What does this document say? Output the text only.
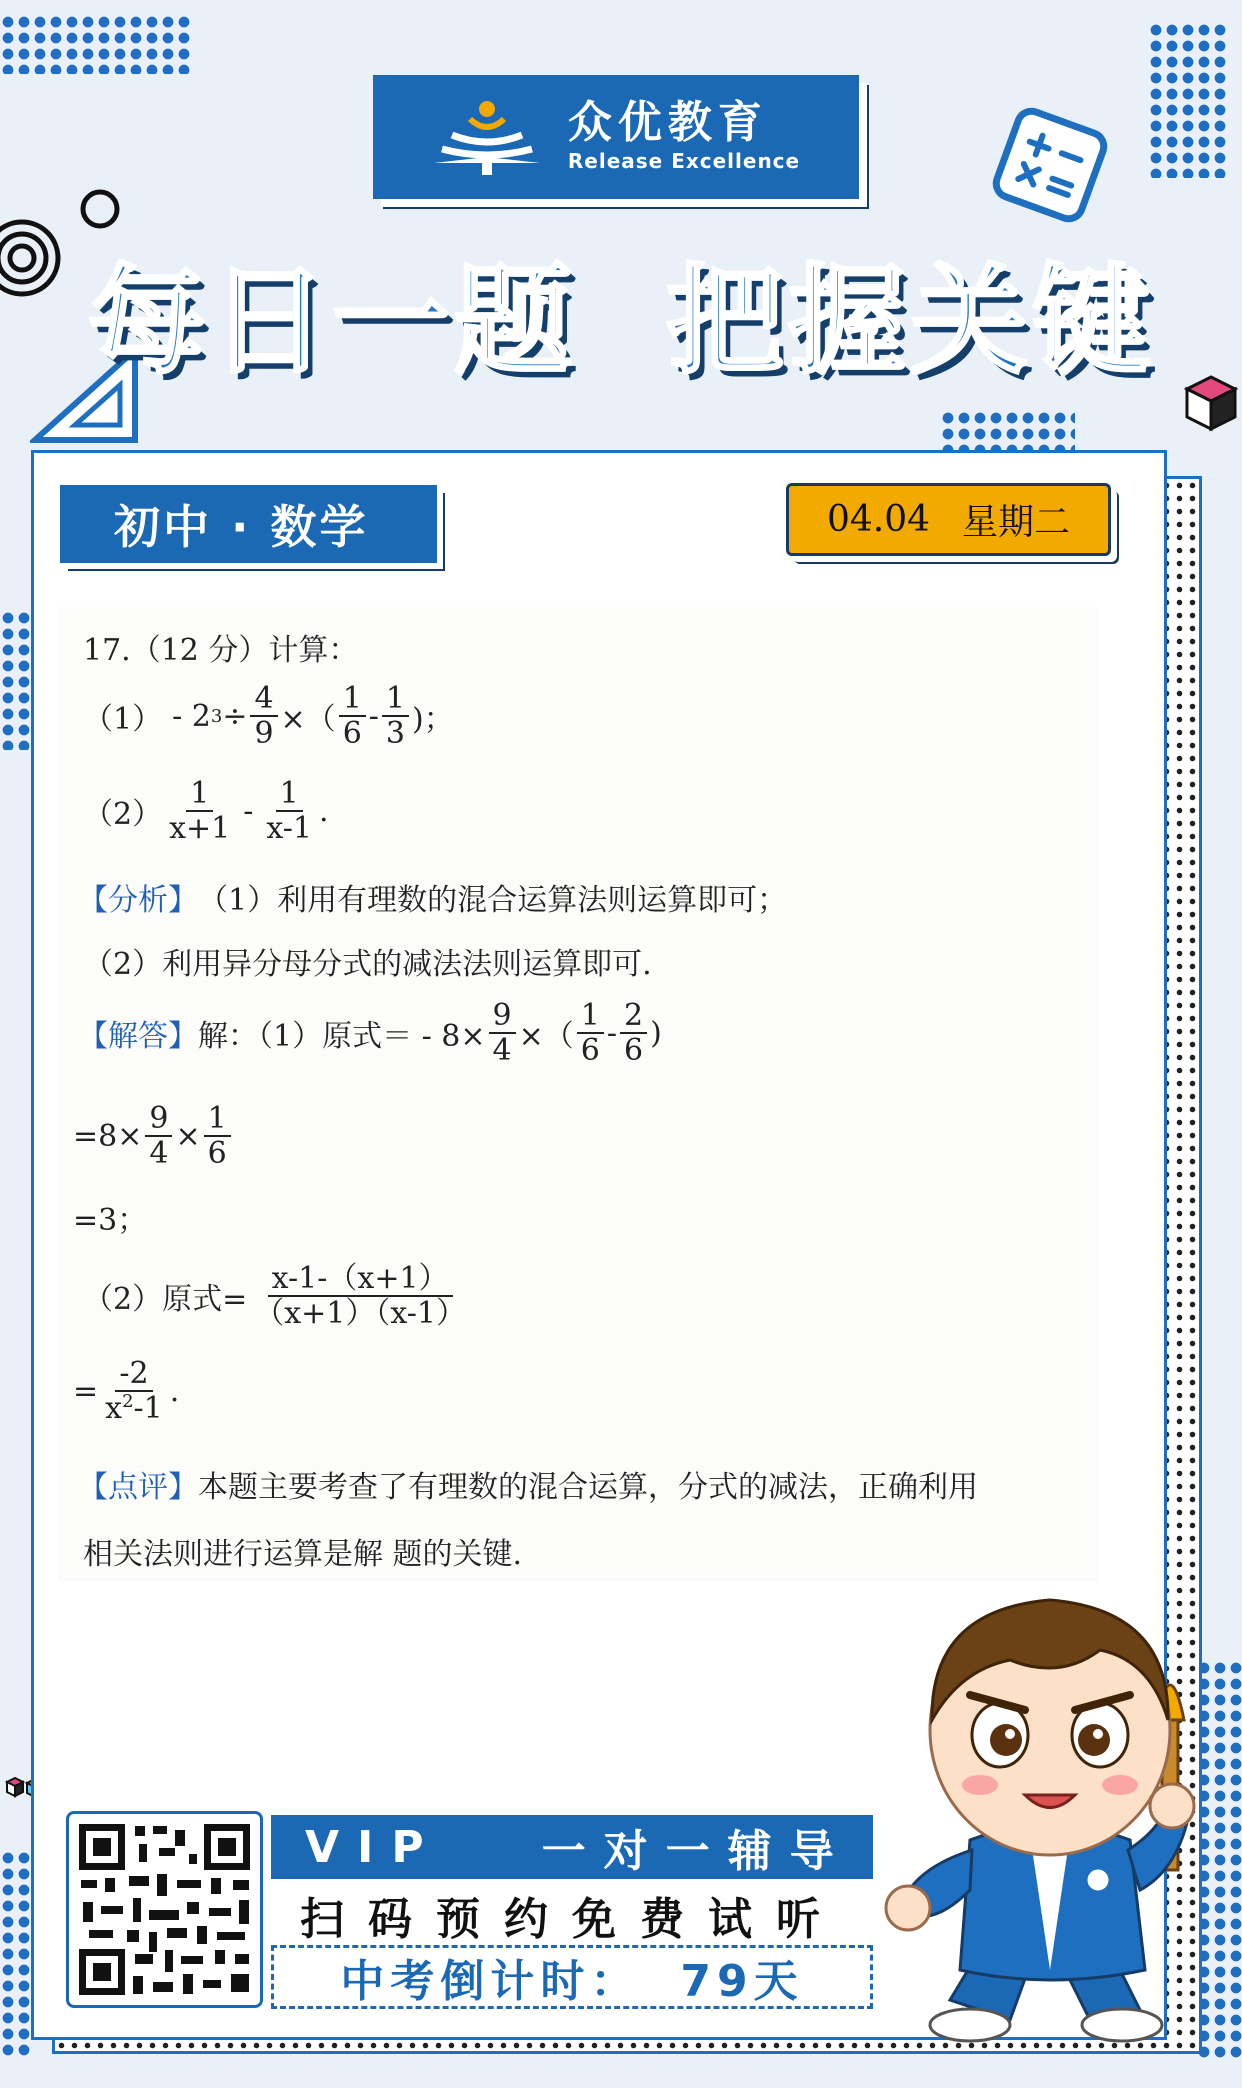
众优教育
Release Excellence
每日一题  把握关键
初中 · 数学	04.04 星期二
17.（12 分）计算：
（1） - 2 $3 \div \frac{4}{9}$ ×（ $\frac{1}{6} - \frac{1}{3}$ )；
$(2) \frac{1}{x+1} - \frac{1}{x-1}$ .
【分析】 （1）利用有理数的混合运算法则运算即可；
（2）利用异分母分式的减法法则运算即可.
【解答】 解：（1）原式＝ - $8\times \frac{9}{4}$ ×（ $\frac{1}{6} - \frac{2}{6}$ )
$=8\times \frac{9}{4} \times \frac{1}{6}$
=3；
（2）原式= $\frac{x-1-(x+1)}{(x+1)(x-1)}$
= $\frac{-2}{x^2-1}$ .
【点评】 本题主要考查了有理数的混合运算，分式的减法，正确利用
相关法则进行运算是解 题的关键.
VIP 一对一辅导
扫码预约免费试听
中考倒计时： 79天
